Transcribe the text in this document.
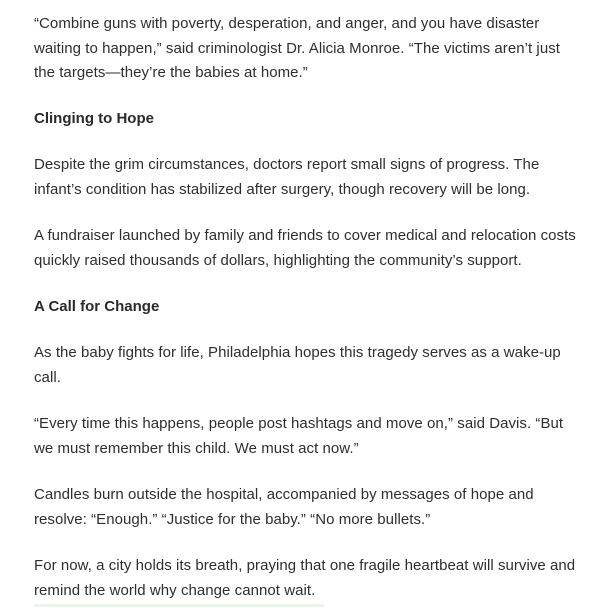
“Combine guns with poverty, desperation, and anger, and you have disaster waiting to happen,” said criminologist Dr. Alicia Monroe. “The victims aren’t just the targets—they’re the babies at home.”

Clinging to Hope

Despite the grim circumstances, doctors report small signs of progress. The infant’s condition has stabilized after surgery, though recovery will be long.

A fundraiser launched by family and friends to cover medical and relocation costs quickly raised thousands of dollars, highlighting the community’s support.

A Call for Change

As the baby fights for life, Philadelphia hopes this tragedy serves as a wake-up call.

“Every time this happens, people post hashtags and move on,” said Davis. “But we must remember this child. We must act now.”

Candles burn outside the hospital, accompanied by messages of hope and resolve: “Enough.” “Justice for the baby.” “No more bullets.”

For now, a city holds its breath, praying that one fragile heartbeat will survive and remind the world why change cannot wait.
